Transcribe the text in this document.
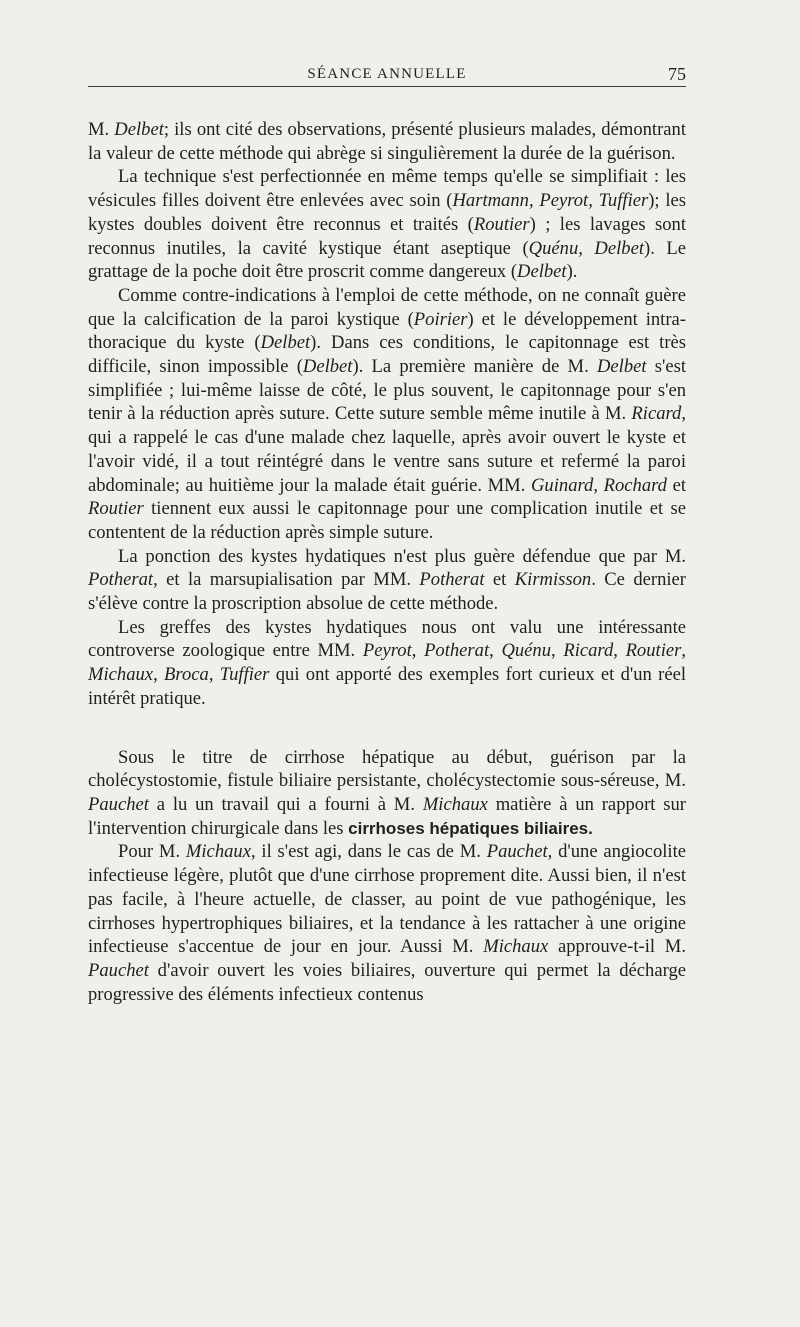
SÉANCE ANNUELLE	75

M. Delbet; ils ont cité des observations, présenté plusieurs malades, démontrant la valeur de cette méthode qui abrège si singulièrement la durée de la guérison.

La technique s'est perfectionnée en même temps qu'elle se simplifiait : les vésicules filles doivent être enlevées avec soin (Hartmann, Peyrot, Tuffier); les kystes doubles doivent être reconnus et traités (Routier) ; les lavages sont reconnus inutiles, la cavité kystique étant aseptique (Quénu, Delbet). Le grattage de la poche doit être proscrit comme dangereux (Delbet).

Comme contre-indications à l'emploi de cette méthode, on ne connaît guère que la calcification de la paroi kystique (Poirier) et le développement intra-thoracique du kyste (Delbet). Dans ces conditions, le capitonnage est très difficile, sinon impossible (Delbet). La première manière de M. Delbet s'est simplifiée ; lui-même laisse de côté, le plus souvent, le capitonnage pour s'en tenir à la réduction après suture. Cette suture semble même inutile à M. Ricard, qui a rappelé le cas d'une malade chez laquelle, après avoir ouvert le kyste et l'avoir vidé, il a tout réintégré dans le ventre sans suture et refermé la paroi abdominale; au huitième jour la malade était guérie. MM. Guinard, Rochard et Routier tiennent eux aussi le capitonnage pour une complication inutile et se contentent de la réduction après simple suture.

La ponction des kystes hydatiques n'est plus guère défendue que par M. Potherat, et la marsupialisation par MM. Potherat et Kirmisson. Ce dernier s'élève contre la proscription absolue de cette méthode.

Les greffes des kystes hydatiques nous ont valu une intéressante controverse zoologique entre MM. Peyrot, Potherat, Quénu, Ricard, Routier, Michaux, Broca, Tuffier qui ont apporté des exemples fort curieux et d'un réel intérêt pratique.

Sous le titre de cirrhose hépatique au début, guérison par la cholécystostomie, fistule biliaire persistante, cholécystectomie sous-séreuse, M. Pauchet a lu un travail qui a fourni à M. Michaux matière à un rapport sur l'intervention chirurgicale dans les cirrhoses hépatiques biliaires.

Pour M. Michaux, il s'est agi, dans le cas de M. Pauchet, d'une angiocolite infectieuse légère, plutôt que d'une cirrhose proprement dite. Aussi bien, il n'est pas facile, à l'heure actuelle, de classer, au point de vue pathogénique, les cirrhoses hypertrophiques biliaires, et la tendance à les rattacher à une origine infectieuse s'accentue de jour en jour. Aussi M. Michaux approuve-t-il M. Pauchet d'avoir ouvert les voies biliaires, ouverture qui permet la décharge progressive des éléments infectieux contenus
